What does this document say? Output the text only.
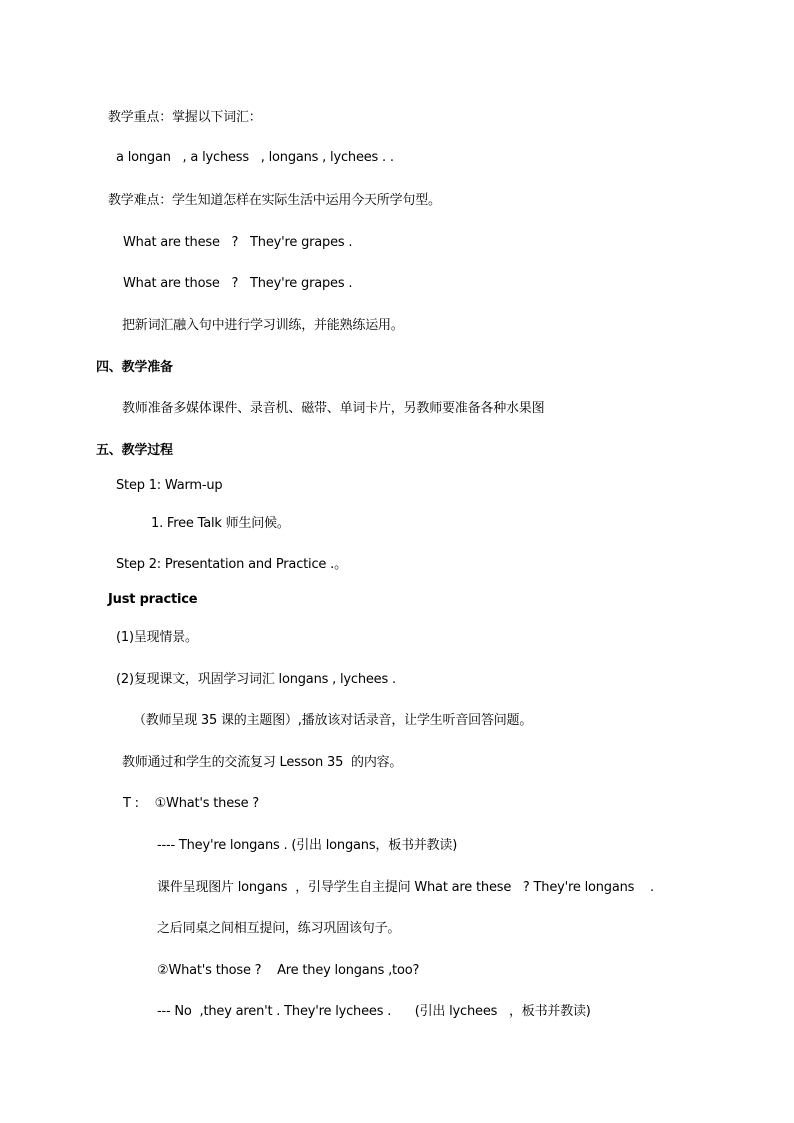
教学重点：掌握以下词汇：
a longan   , a lychess   , longans , lychees . .
教学难点：学生知道怎样在实际生活中运用今天所学句型。
What are these   ?   They're grapes .
What are those   ?   They're grapes .
把新词汇融入句中进行学习训练，并能熟练运用。
四、教学准备
教师准备多媒体课件、录音机、磁带、单词卡片，另教师要准备各种水果图
五、教学过程
Step 1: Warm-up
1. Free Talk 师生问候。
Step 2: Presentation and Practice .。
Just practice
(1)呈现情景。
(2)复现课文，巩固学习词汇 longans , lychees .
（教师呈现 35 课的主题图）,播放该对话录音，让学生听音回答问题。
教师通过和学生的交流复习 Lesson 35  的内容。
T :    ①What's these ?
---- They're longans . (引出 longans，板书并教读)
课件呈现图片 longans  ，引导学生自主提问 What are these   ? They're longans    .
之后同桌之间相互提问，练习巩固该句子。
②What's those ?    Are they longans ,too?
--- No  ,they aren't . They're lychees .      (引出 lychees   ，板书并教读)
